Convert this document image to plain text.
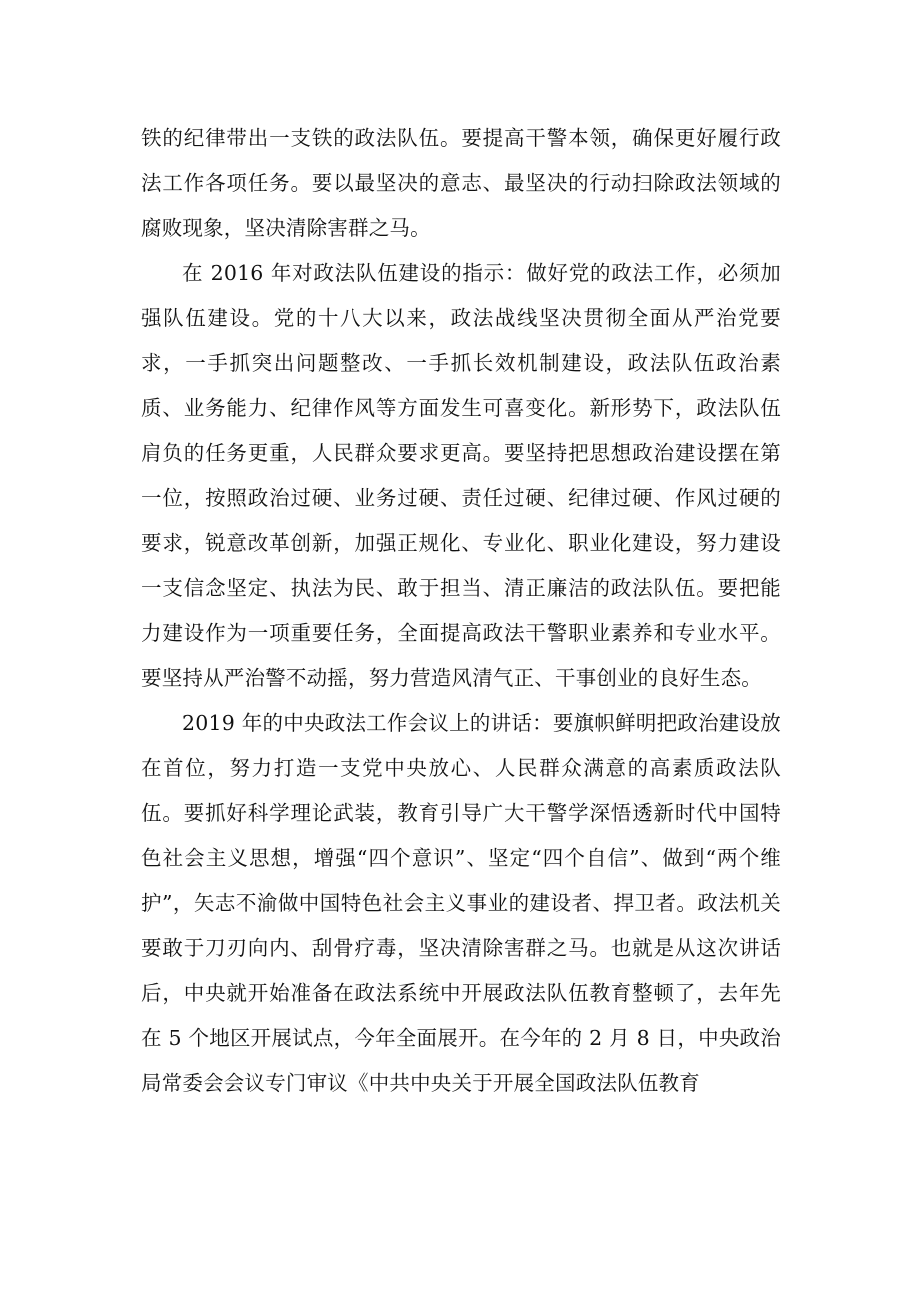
铁的纪律带出一支铁的政法队伍。要提高干警本领，确保更好履行政法工作各项任务。要以最坚决的意志、最坚决的行动扫除政法领域的腐败现象，坚决清除害群之马。

在 2016 年对政法队伍建设的指示：做好党的政法工作，必须加强队伍建设。党的十八大以来，政法战线坚决贯彻全面从严治党要求，一手抓突出问题整改、一手抓长效机制建设，政法队伍政治素质、业务能力、纪律作风等方面发生可喜变化。新形势下，政法队伍肩负的任务更重，人民群众要求更高。要坚持把思想政治建设摆在第一位，按照政治过硬、业务过硬、责任过硬、纪律过硬、作风过硬的要求，锐意改革创新，加强正规化、专业化、职业化建设，努力建设一支信念坚定、执法为民、敢于担当、清正廉洁的政法队伍。要把能力建设作为一项重要任务，全面提高政法干警职业素养和专业水平。要坚持从严治警不动摇，努力营造风清气正、干事创业的良好生态。

2019 年的中央政法工作会议上的讲话：要旗帜鲜明把政治建设放在首位，努力打造一支党中央放心、人民群众满意的高素质政法队伍。要抓好科学理论武装，教育引导广大干警学深悟透新时代中国特色社会主义思想，增强“四个意识”、坚定“四个自信”、做到“两个维护”，矢志不渝做中国特色社会主义事业的建设者、捍卫者。政法机关要敢于刀刃向内、刮骨疗毒，坚决清除害群之马。也就是从这次讲话后，中央就开始准备在政法系统中开展政法队伍教育整顿了，去年先在 5 个地区开展试点，今年全面展开。在今年的 2 月 8 日，中央政治局常委会会议专门审议《中共中央关于开展全国政法队伍教育
